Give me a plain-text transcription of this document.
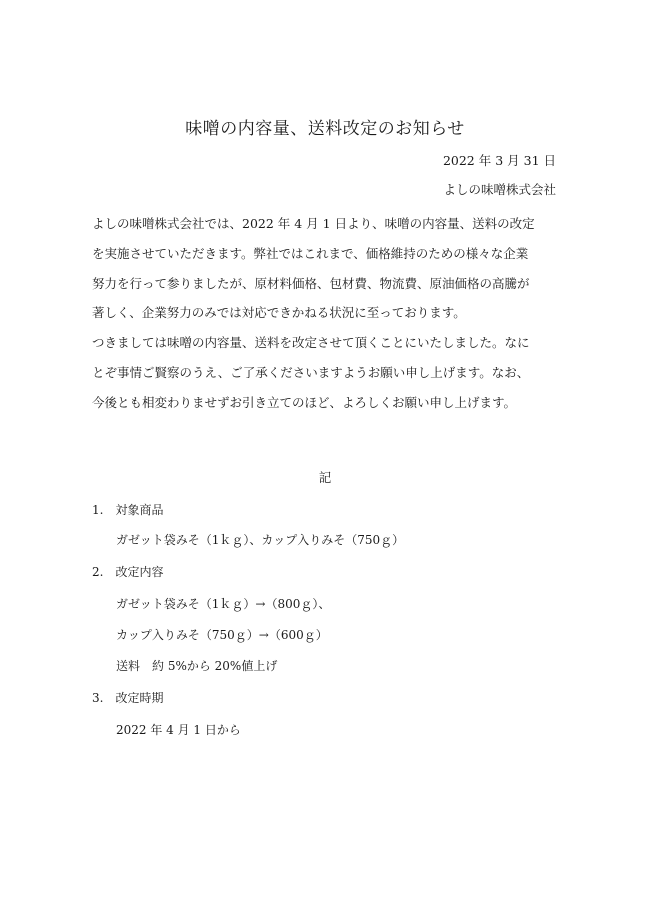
味噌の内容量、送料改定のお知らせ
2022 年 3 月 31 日
よしの味噌株式会社
よしの味噌株式会社では、2022 年 4 月 1 日より、味噌の内容量、送料の改定
を実施させていただきます。弊社ではこれまで、価格維持のための様々な企業
努力を行って参りましたが、原材料価格、包材費、物流費、原油価格の高騰が
著しく、企業努力のみでは対応できかねる状況に至っております。
つきましては味噌の内容量、送料を改定させて頂くことにいたしました。なに
とぞ事情ご賢察のうえ、ご了承くださいますようお願い申し上げます。なお、
今後とも相変わりませずお引き立てのほど、よろしくお願い申し上げます。
記
1.　対象商品
ガゼット袋みそ（1ｋｇ）、カップ入りみそ（750ｇ）
2.　改定内容
ガゼット袋みそ（1ｋｇ）→（800ｇ）、
カップ入りみそ（750ｇ）→（600ｇ）
送料　約 5%から 20%値上げ
3.　改定時期
2022 年 4 月 1 日から
